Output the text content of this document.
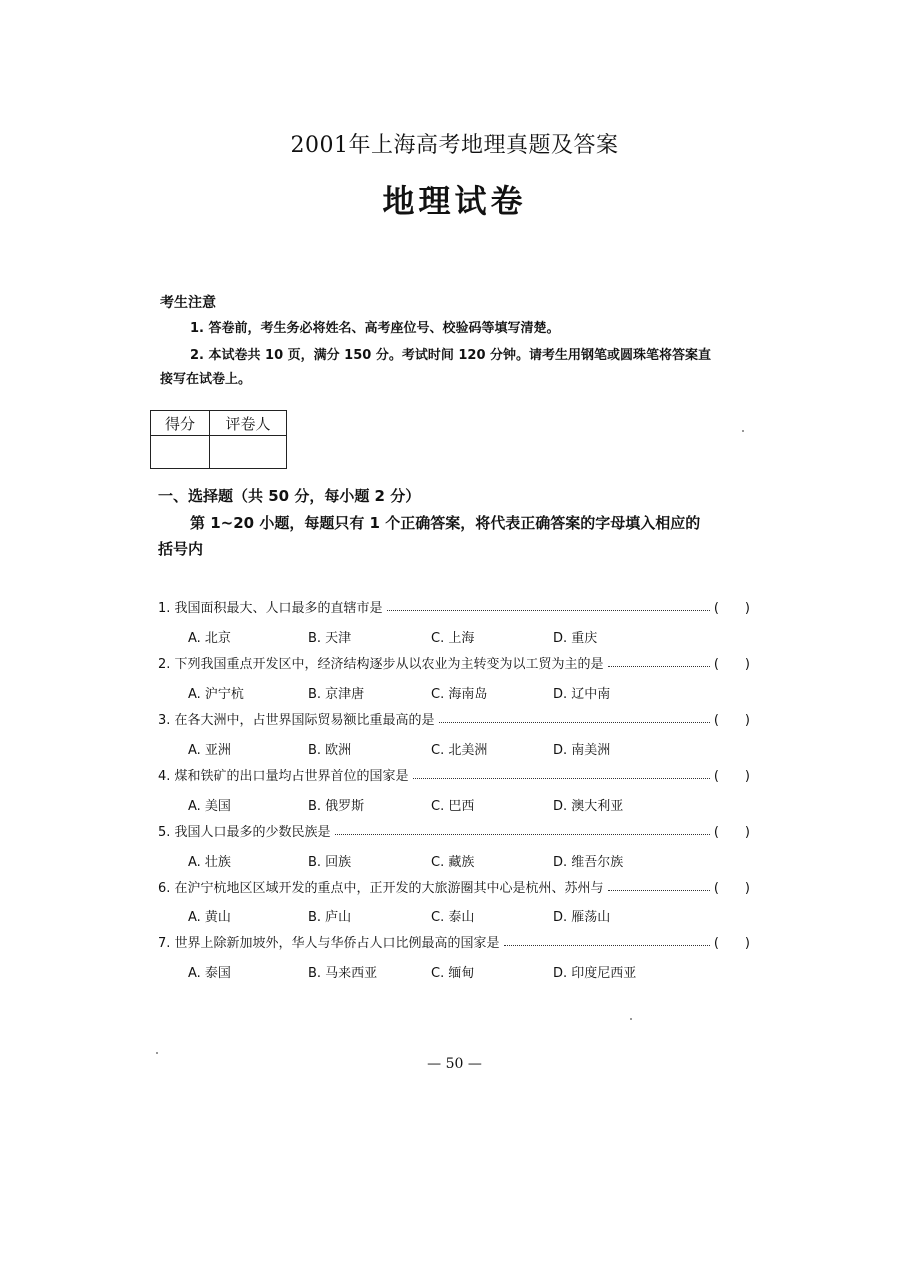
2001年上海高考地理真题及答案
地理试卷
考生注意
1. 答卷前，考生务必将姓名、高考座位号、校验码等填写清楚。
2. 本试卷共 10 页，满分 150 分。考试时间 120 分钟。请考生用钢笔或圆珠笔将答案直
接写在试卷上。
得分	评卷人

一、选择题（共 50 分，每小题 2 分）
第 1~20 小题，每题只有 1 个正确答案，将代表正确答案的字母填入相应的
括号内
1. 我国面积最大、人口最多的直辖市是	(　　)
A. 北京	B. 天津	C. 上海	D. 重庆
2. 下列我国重点开发区中，经济结构逐步从以农业为主转变为以工贸为主的是	(　　)
A. 沪宁杭	B. 京津唐	C. 海南岛	D. 辽中南
3. 在各大洲中，占世界国际贸易额比重最高的是	(　　)
A. 亚洲	B. 欧洲	C. 北美洲	D. 南美洲
4. 煤和铁矿的出口量均占世界首位的国家是	(　　)
A. 美国	B. 俄罗斯	C. 巴西	D. 澳大利亚
5. 我国人口最多的少数民族是	(　　)
A. 壮族	B. 回族	C. 藏族	D. 维吾尔族
6. 在沪宁杭地区区域开发的重点中，正开发的大旅游圈其中心是杭州、苏州与	(　　)
A. 黄山	B. 庐山	C. 泰山	D. 雁荡山
7. 世界上除新加坡外，华人与华侨占人口比例最高的国家是	(　　)
A. 泰国	B. 马来西亚	C. 缅甸	D. 印度尼西亚
— 50 —
